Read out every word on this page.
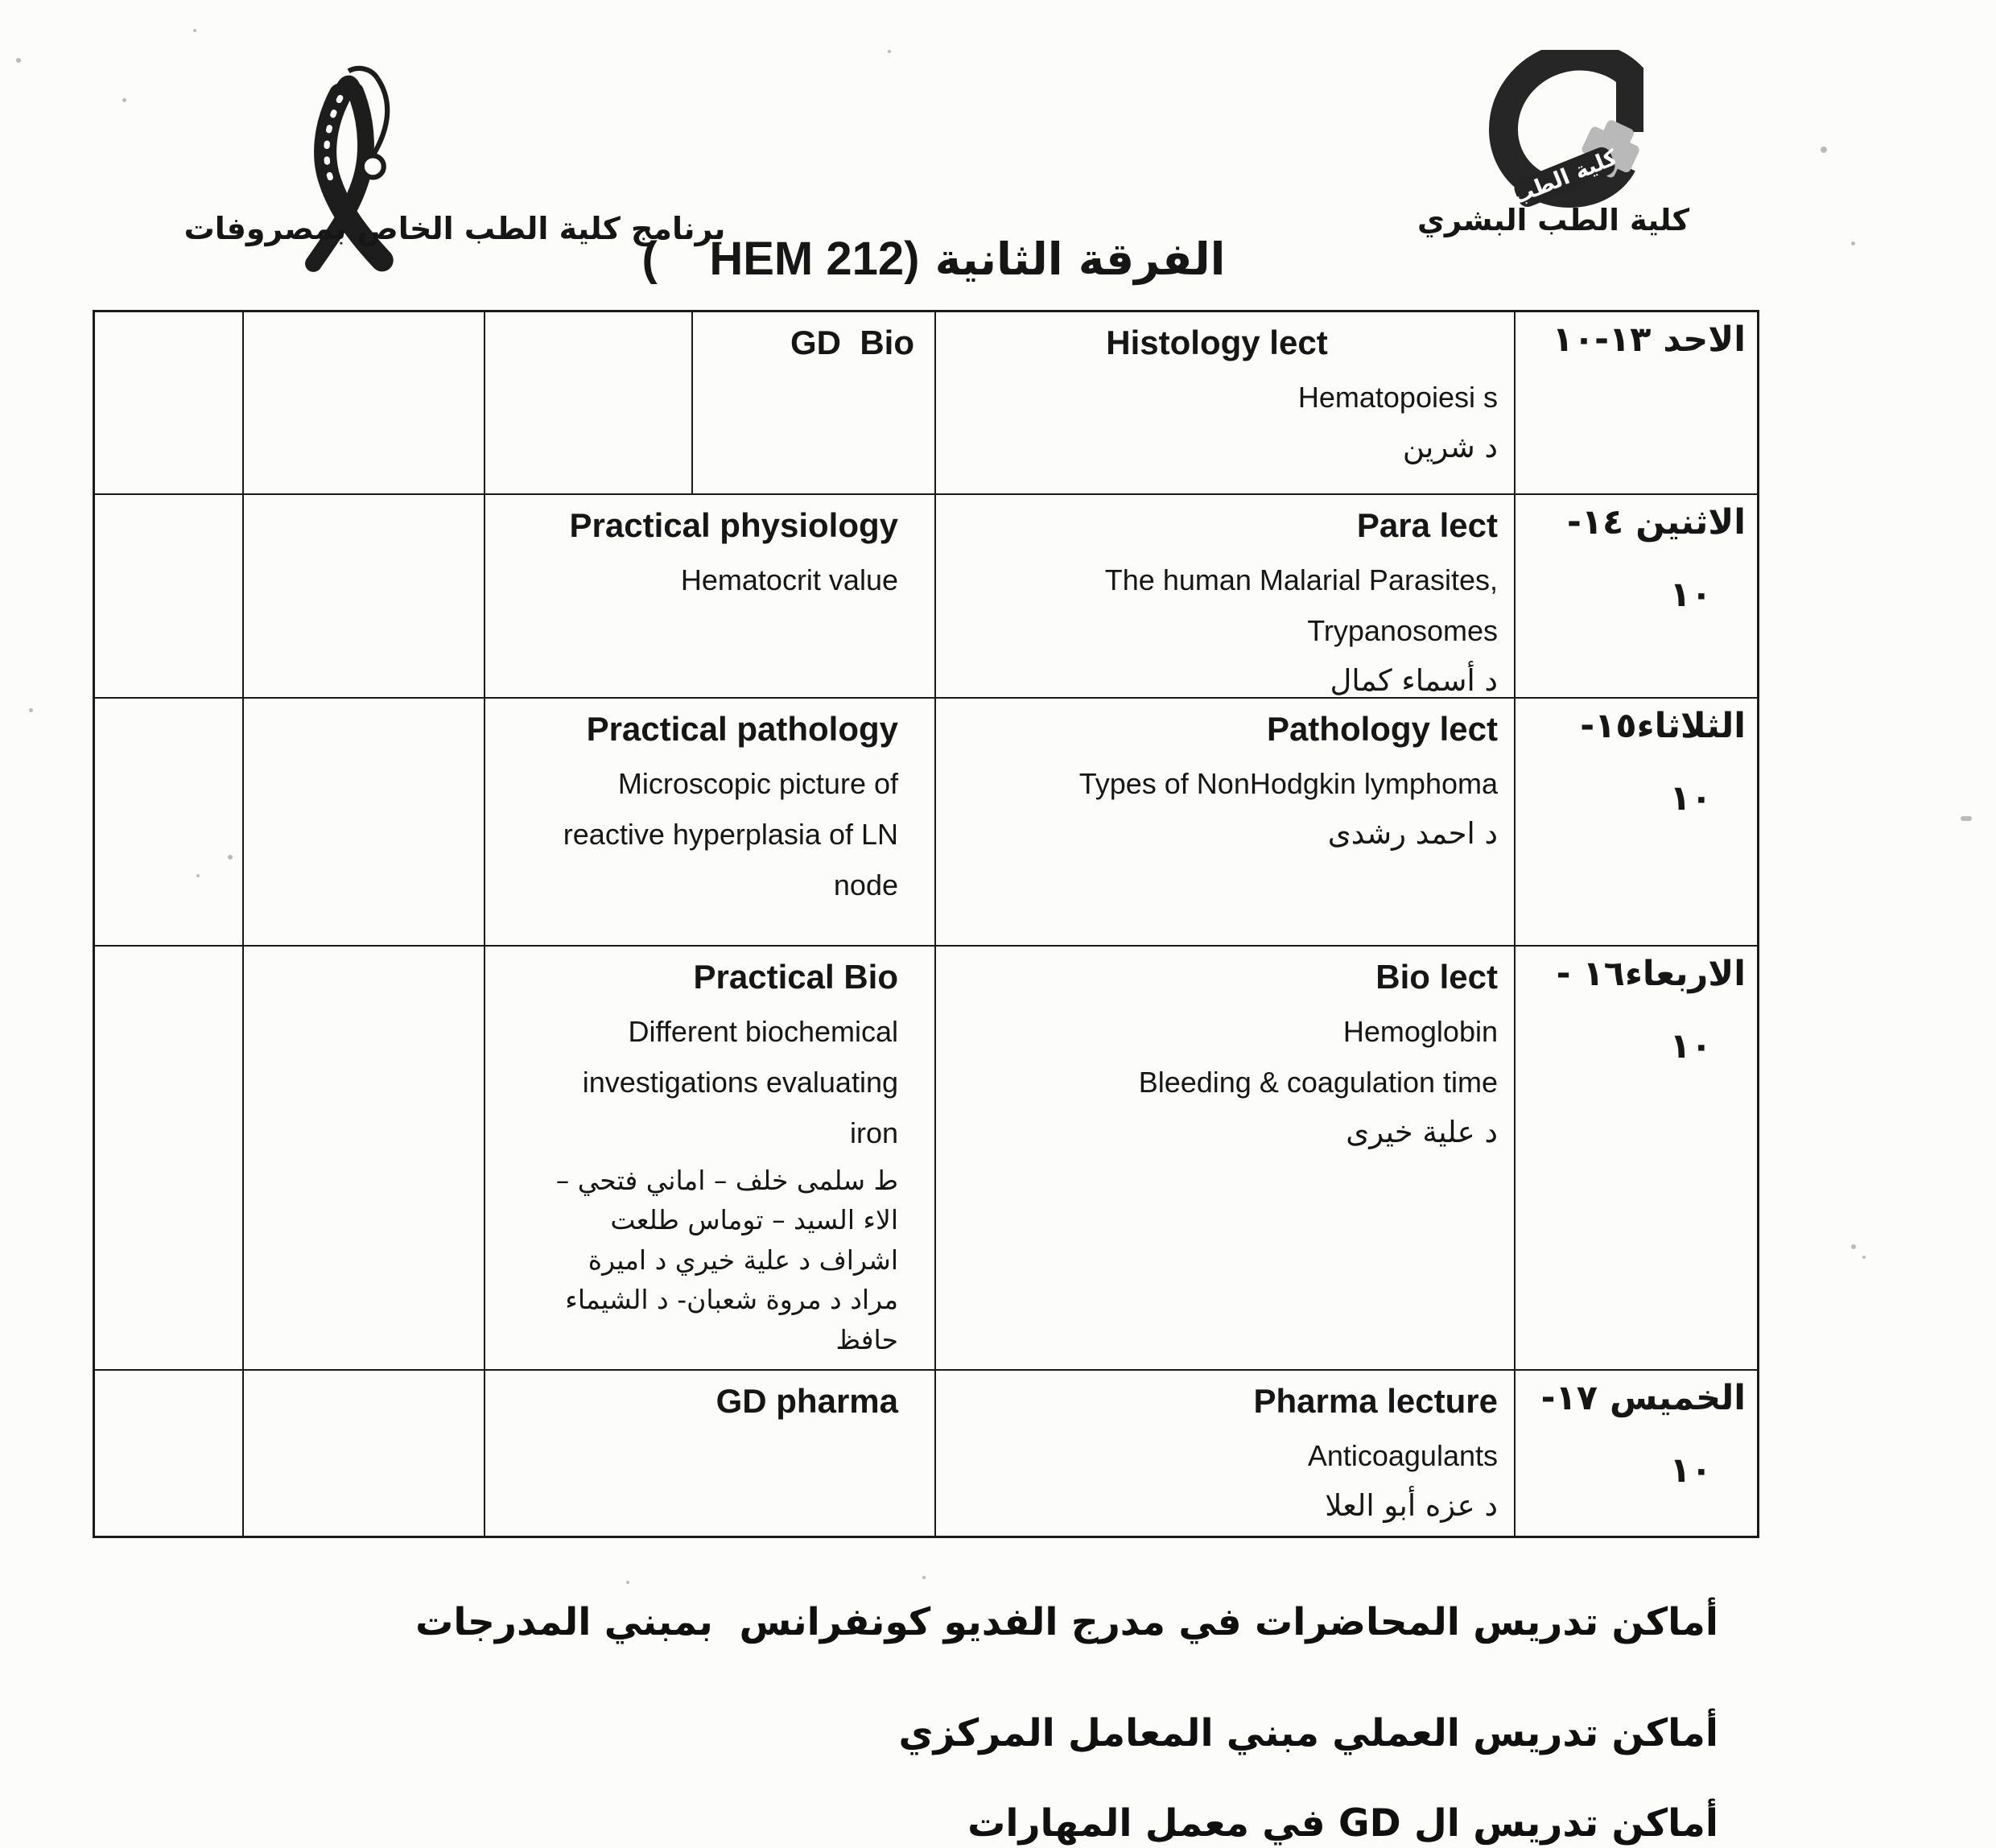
برنامج كلية الطب الخاص بمصروفات
كلية الطب
كلية الطب البشري
الفرقة الثانية (    HEM 212)
GD  Bio	Histology lect
Hematopoiesi s
د شرين
الاحد ١٣-١٠
Practical physiology
Hematocrit value
Para lect
The human Malarial Parasites,
Trypanosomes
د أسماء كمال
الاثنين ١٤-
١٠
Practical pathology
Microscopic picture of
reactive hyperplasia of LN
node
Pathology lect
Types of NonHodgkin lymphoma
د احمد رشدى
الثلاثاء١٥-
١٠
Practical Bio
Different biochemical
investigations evaluating
iron
ط سلمى خلف – اماني فتحي –
الاء السيد – توماس طلعت
اشراف د علية خيري د اميرة
مراد د مروة شعبان- د الشيماء
حافظ
Bio lect
Hemoglobin
Bleeding & coagulation time
د علية خيرى
الاربعاء١٦ -
١٠
GD pharma	Pharma lecture
Anticoagulants
د عزه أبو العلا
الخميس ١٧-
١٠
أماكن تدريس المحاضرات في مدرج الفديو كونفرانس  بمبني المدرجات
أماكن تدريس العملي مبني المعامل المركزي
أماكن تدريس ال GD في معمل المهارات
